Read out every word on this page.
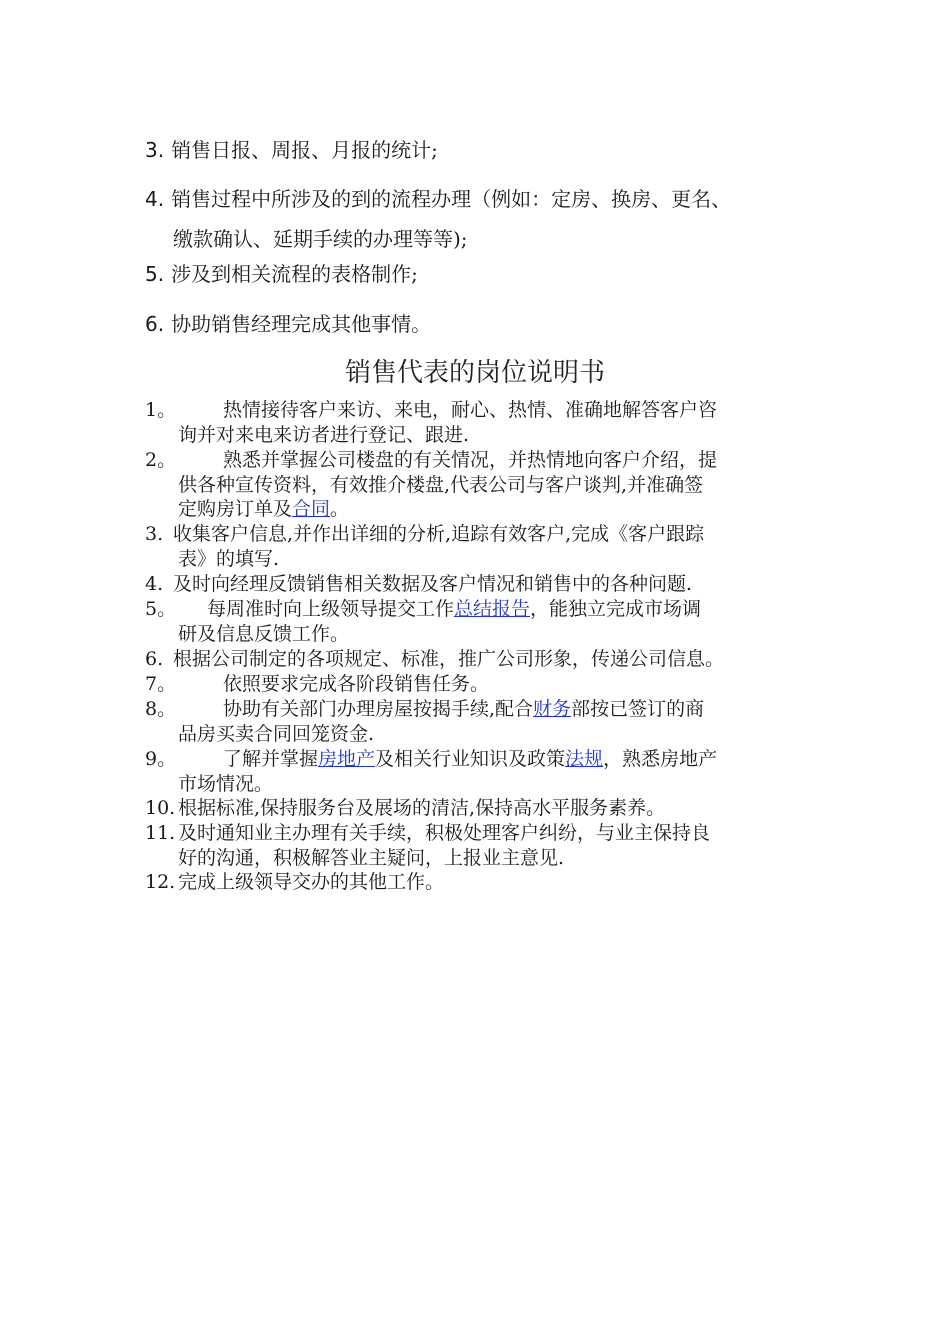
3. 销售日报、周报、月报的统计;
4. 销售过程中所涉及的到的流程办理（例如：定房、换房、更名、
缴款确认、延期手续的办理等等);
5. 涉及到相关流程的表格制作;
6. 协助销售经理完成其他事情。
销售代表的岗位说明书
1。 热情接待客户来访、来电，耐心、热情、准确地解答客户咨
询并对来电来访者进行登记、跟进.
2。 熟悉并掌握公司楼盘的有关情况，并热情地向客户介绍，提
供各种宣传资料，有效推介楼盘,代表公司与客户谈判,并准确签
定购房订单及合同。
3. 收集客户信息,并作出详细的分析,追踪有效客户,完成《客户跟踪
表》的填写.
4. 及时向经理反馈销售相关数据及客户情况和销售中的各种问题.
5。 每周准时向上级领导提交工作总结报告，能独立完成市场调
研及信息反馈工作。
6. 根据公司制定的各项规定、标准，推广公司形象，传递公司信息。
7。 依照要求完成各阶段销售任务。
8。 协助有关部门办理房屋按揭手续,配合财务部按已签订的商
品房买卖合同回笼资金.
9。 了解并掌握房地产及相关行业知识及政策法规，熟悉房地产
市场情况。
10. 根据标准,保持服务台及展场的清洁,保持高水平服务素养。
11. 及时通知业主办理有关手续，积极处理客户纠纷，与业主保持良
好的沟通，积极解答业主疑问，上报业主意见.
12. 完成上级领导交办的其他工作。
